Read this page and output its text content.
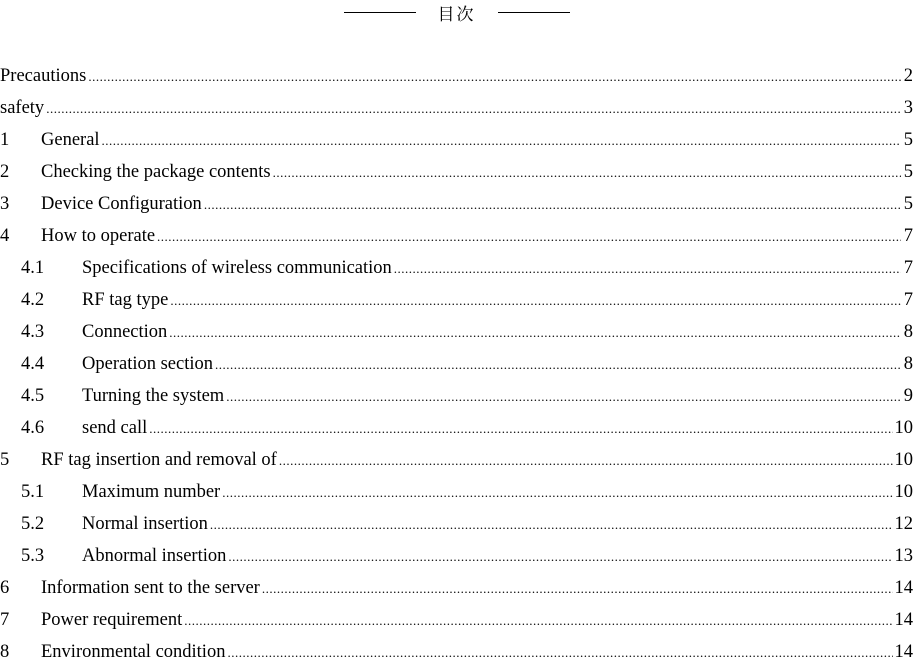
目次
Precautions .....	2
safety .....	3
1	General .....	5
2	Checking the package contents .....	5
3	Device Configuration .....	5
4	How to operate .....	7
4.1	Specifications of wireless communication .....	7
4.2	RF tag type .....	7
4.3	Connection .....	8
4.4	Operation section .....	8
4.5	Turning the system .....	9
4.6	send call .....	10
5	RF tag insertion and removal of .....	10
5.1	Maximum number .....	10
5.2	Normal insertion .....	12
5.3	Abnormal insertion .....	13
6	Information sent to the server .....	14
7	Power requirement .....	14
8	Environmental condition .....	14
